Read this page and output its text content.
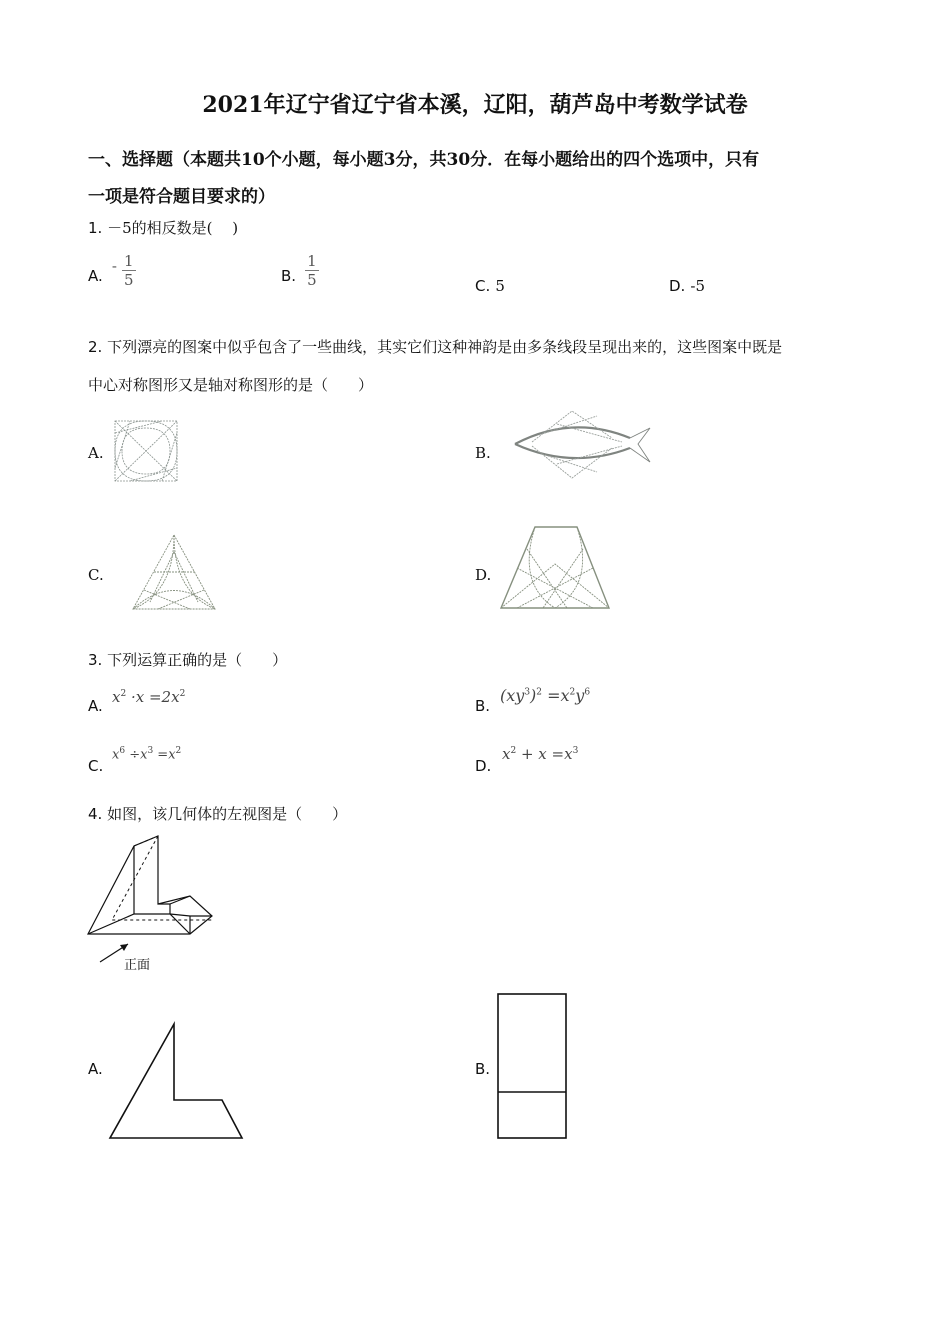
2021年辽宁省辽宁省本溪，辽阳，葫芦岛中考数学试卷
一、选择题（本题共10个小题，每小题3分，共30分．在每小题给出的四个选项中，只有
一项是符合题目要求的）
1. －5的相反数是(　 )
A. - $\frac{1}{5}$	B. $\frac{1}{5}$	C. 5	D. -5
2. 下列漂亮的图案中似乎包含了一些曲线，其实它们这种神韵是由多条线段呈现出来的，这些图案中既是
中心对称图形又是轴对称图形的是（　　）
A.	B.
C.	D.
3. 下列运算正确的是（　　）
A. $x^2 \cdot x =2x^2$
B.
$(xy^3)^2 =x^2y^6$
C.
$x^6 \div x^3 =x^2$
D.
$x^2 + x =x^3$
4. 如图，该几何体的左视图是（　　）
正面
A.	B.
